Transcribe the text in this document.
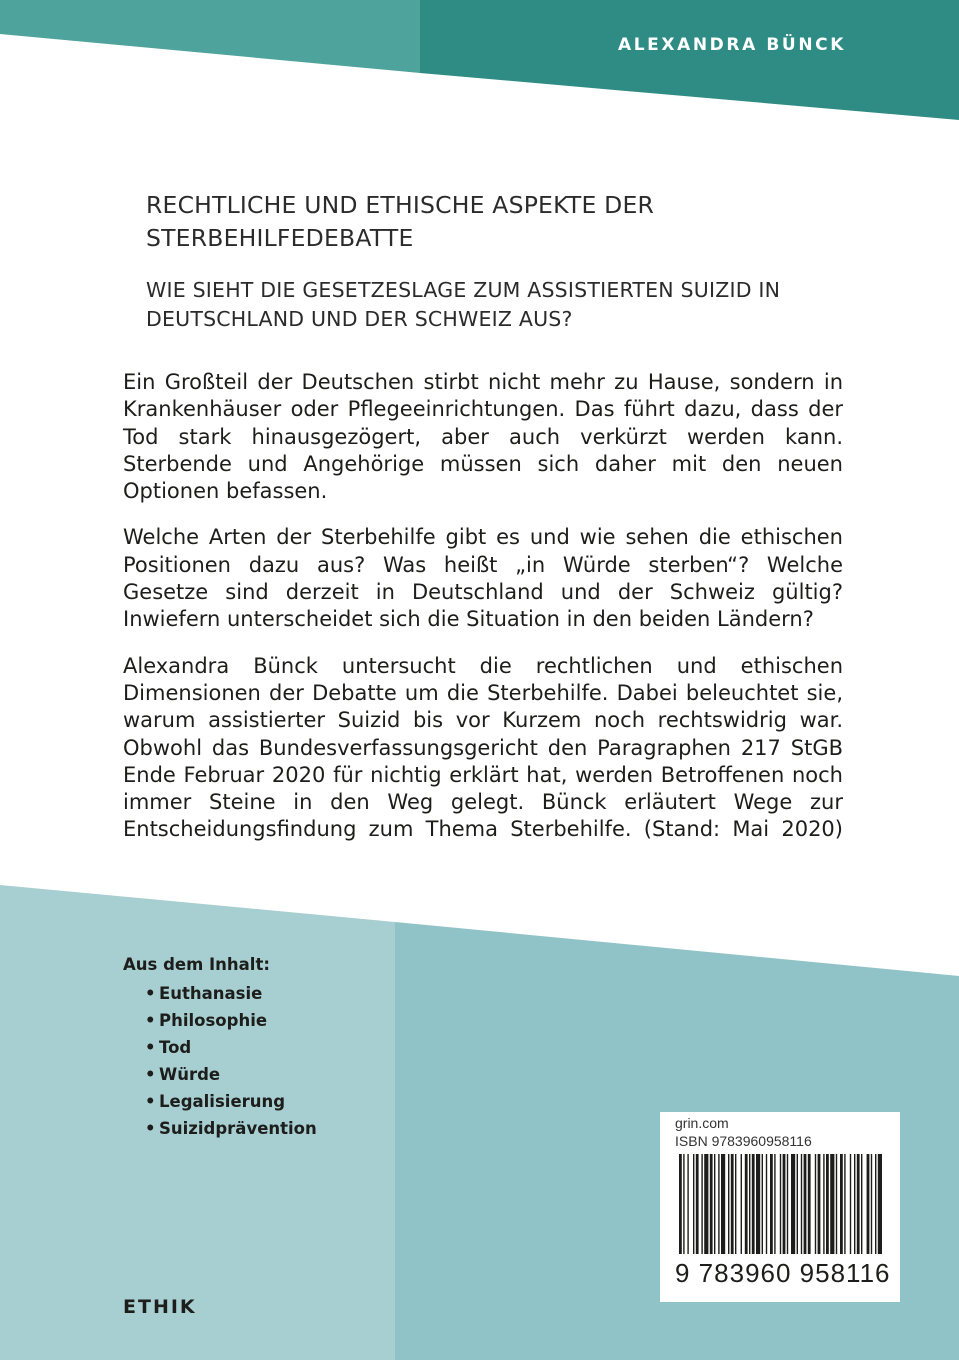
ALEXANDRA BÜNCK
RECHTLICHE UND ETHISCHE ASPEKTE DER STERBEHILFEDEBATTE
WIE SIEHT DIE GESETZESLAGE ZUM ASSISTIERTEN SUIZID IN DEUTSCHLAND UND DER SCHWEIZ AUS?

Ein Großteil der Deutschen stirbt nicht mehr zu Hause, sondern in Krankenhäuser oder Pflegeeinrichtungen. Das führt dazu, dass der Tod stark hinausgezögert, aber auch verkürzt werden kann. Sterbende und Angehörige müssen sich daher mit den neuen Optionen befassen.

Welche Arten der Sterbehilfe gibt es und wie sehen die ethischen Positionen dazu aus? Was heißt „in Würde sterben“? Welche Gesetze sind derzeit in Deutschland und der Schweiz gültig? Inwiefern unterscheidet sich die Situation in den beiden Ländern?

Alexandra Bünck untersucht die rechtlichen und ethischen Dimensionen der Debatte um die Sterbehilfe. Dabei beleuchtet sie, warum assistierter Suizid bis vor Kurzem noch rechtswidrig war. Obwohl das Bundesverfassungsgericht den Paragraphen 217 StGB Ende Februar 2020 für nichtig erklärt hat, werden Betroffenen noch immer Steine in den Weg gelegt. Bünck erläutert Wege zur Entscheidungsfindung zum Thema Sterbehilfe. (Stand: Mai 2020)

Aus dem Inhalt:
• Euthanasie
• Philosophie
• Tod
• Würde
• Legalisierung
• Suizidprävention
ETHIK
grin.com
ISBN 9783960958116
9 783960 958116
